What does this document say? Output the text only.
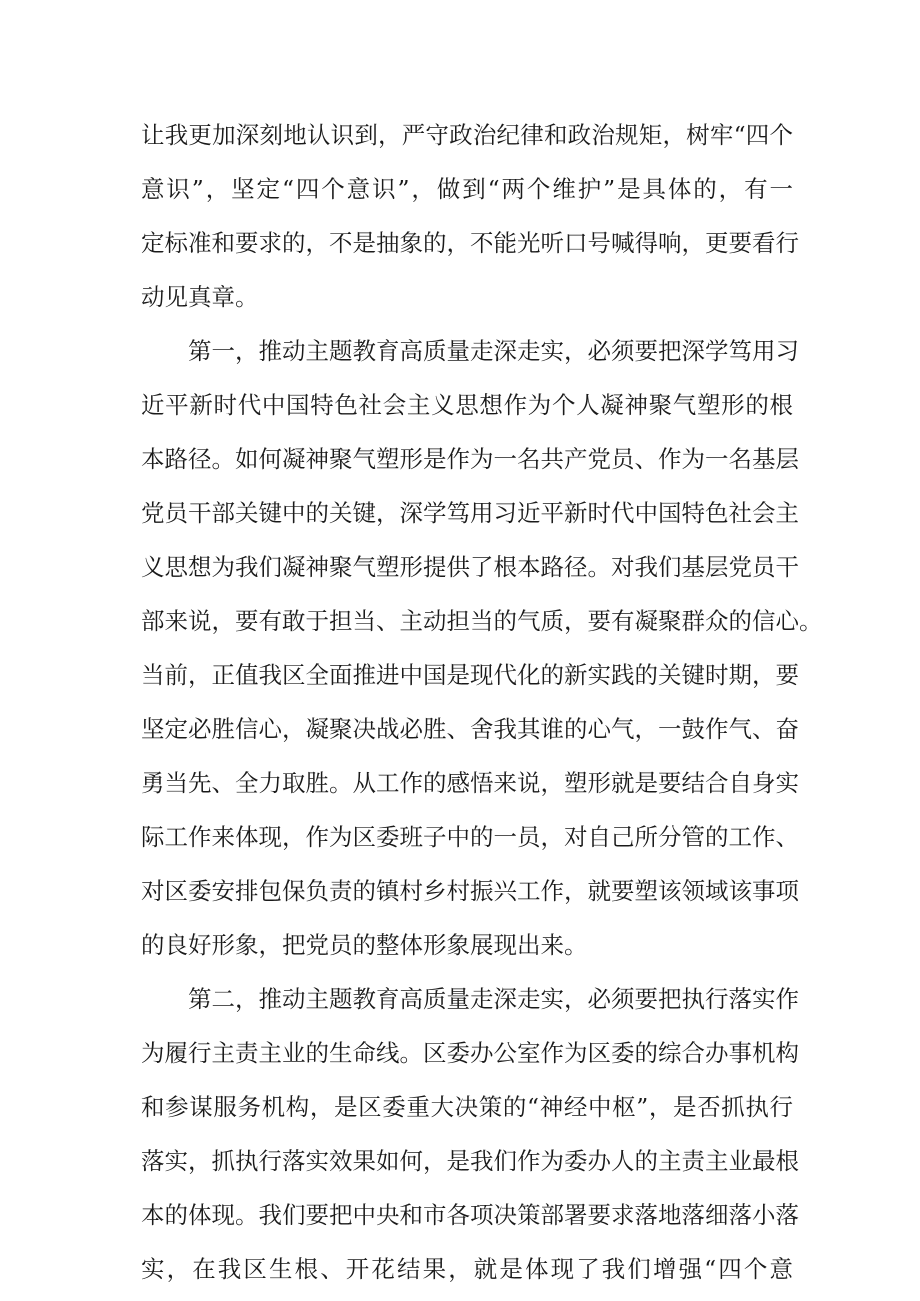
让我更加深刻地认识到，严守政治纪律和政治规矩，树牢“四个
意识”，坚定“四个意识”，做到“两个维护”是具体的，有一
定标准和要求的，不是抽象的，不能光听口号喊得响，更要看行
动见真章。
第一，推动主题教育高质量走深走实，必须要把深学笃用习
近平新时代中国特色社会主义思想作为个人凝神聚气塑形的根
本路径。如何凝神聚气塑形是作为一名共产党员、作为一名基层
党员干部关键中的关键，深学笃用习近平新时代中国特色社会主
义思想为我们凝神聚气塑形提供了根本路径。对我们基层党员干
部来说，要有敢于担当、主动担当的气质，要有凝聚群众的信心。
当前，正值我区全面推进中国是现代化的新实践的关键时期，要
坚定必胜信心，凝聚决战必胜、舍我其谁的心气，一鼓作气、奋
勇当先、全力取胜。从工作的感悟来说，塑形就是要结合自身实
际工作来体现，作为区委班子中的一员，对自己所分管的工作、
对区委安排包保负责的镇村乡村振兴工作，就要塑该领域该事项
的良好形象，把党员的整体形象展现出来。
第二，推动主题教育高质量走深走实，必须要把执行落实作
为履行主责主业的生命线。区委办公室作为区委的综合办事机构
和参谋服务机构，是区委重大决策的“神经中枢”，是否抓执行
落实，抓执行落实效果如何，是我们作为委办人的主责主业最根
本的体现。我们要把中央和市各项决策部署要求落地落细落小落
实，在我区生根、开花结果，就是体现了我们增强“四个意
